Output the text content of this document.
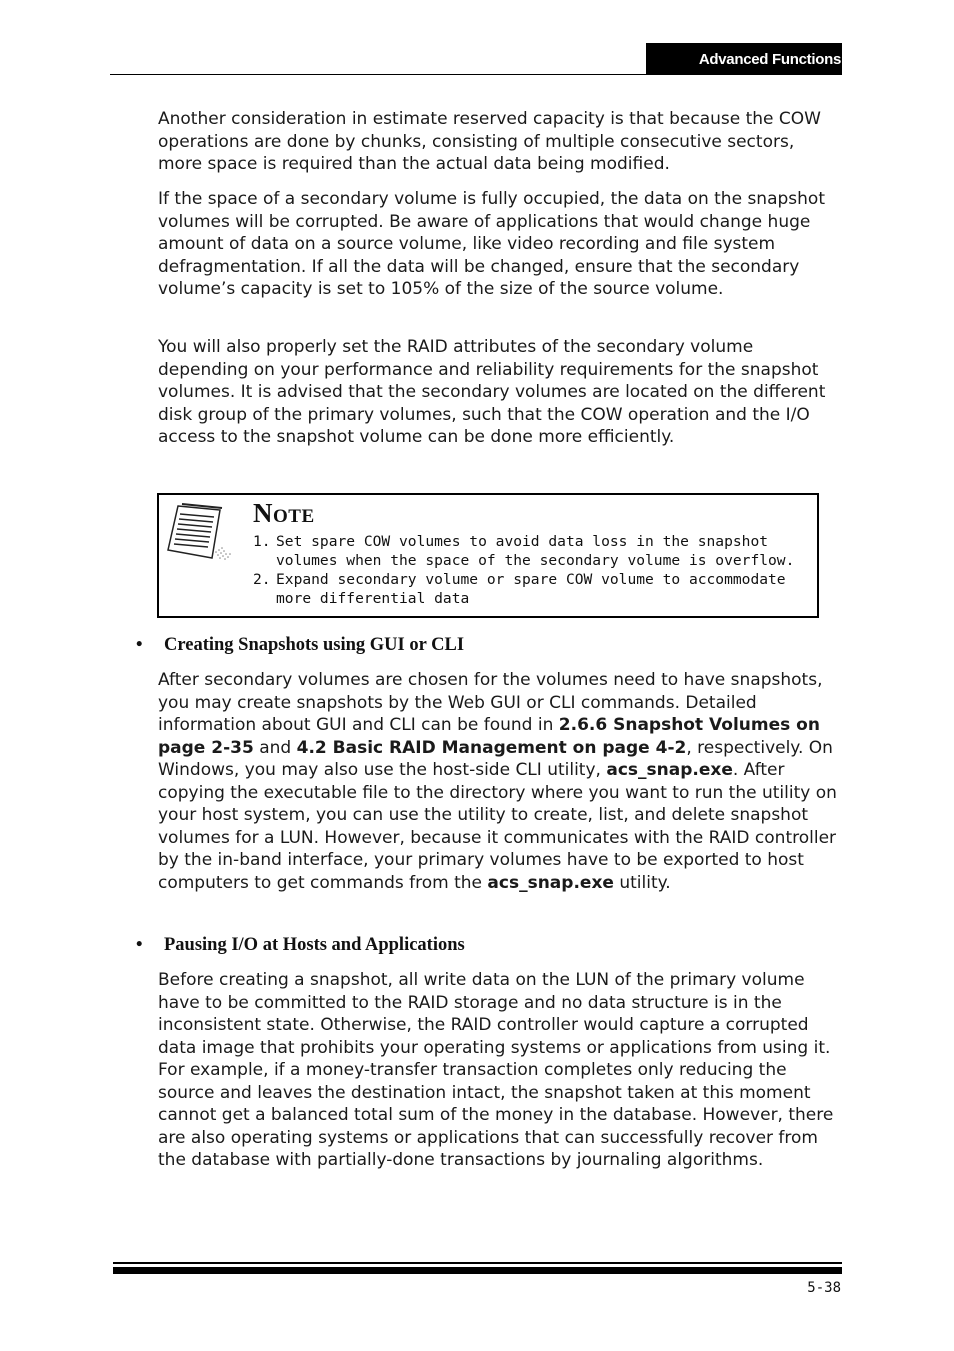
Advanced Functions

Another consideration in estimate reserved capacity is that because the COW operations are done by chunks, consisting of multiple consecutive sectors, more space is required than the actual data being modified.

If the space of a secondary volume is fully occupied, the data on the snapshot volumes will be corrupted. Be aware of applications that would change huge amount of data on a source volume, like video recording and file system defragmentation. If all the data will be changed, ensure that the secondary volume’s capacity is set to 105% of the size of the source volume.

You will also properly set the RAID attributes of the secondary volume depending on your performance and reliability requirements for the snapshot volumes. It is advised that the secondary volumes are located on the different disk group of the primary volumes, such that the COW operation and the I/O access to the snapshot volume can be done more efficiently.

Note
1. Set spare COW volumes to avoid data loss in the snapshot volumes when the space of the secondary volume is overflow.
2. Expand secondary volume or spare COW volume to accommodate more differential data

• Creating Snapshots using GUI or CLI

After secondary volumes are chosen for the volumes need to have snapshots, you may create snapshots by the Web GUI or CLI commands. Detailed information about GUI and CLI can be found in 2.6.6 Snapshot Volumes on page 2-35 and 4.2 Basic RAID Management on page 4-2, respectively. On Windows, you may also use the host-side CLI utility, acs_snap.exe. After copying the executable file to the directory where you want to run the utility on your host system, you can use the utility to create, list, and delete snapshot volumes for a LUN. However, because it communicates with the RAID controller by the in-band interface, your primary volumes have to be exported to host computers to get commands from the acs_snap.exe utility.

• Pausing I/O at Hosts and Applications

Before creating a snapshot, all write data on the LUN of the primary volume have to be committed to the RAID storage and no data structure is in the inconsistent state. Otherwise, the RAID controller would capture a corrupted data image that prohibits your operating systems or applications from using it. For example, if a money-transfer transaction completes only reducing the source and leaves the destination intact, the snapshot taken at this moment cannot get a balanced total sum of the money in the database. However, there are also operating systems or applications that can successfully recover from the database with partially-done transactions by journaling algorithms.

5-38
